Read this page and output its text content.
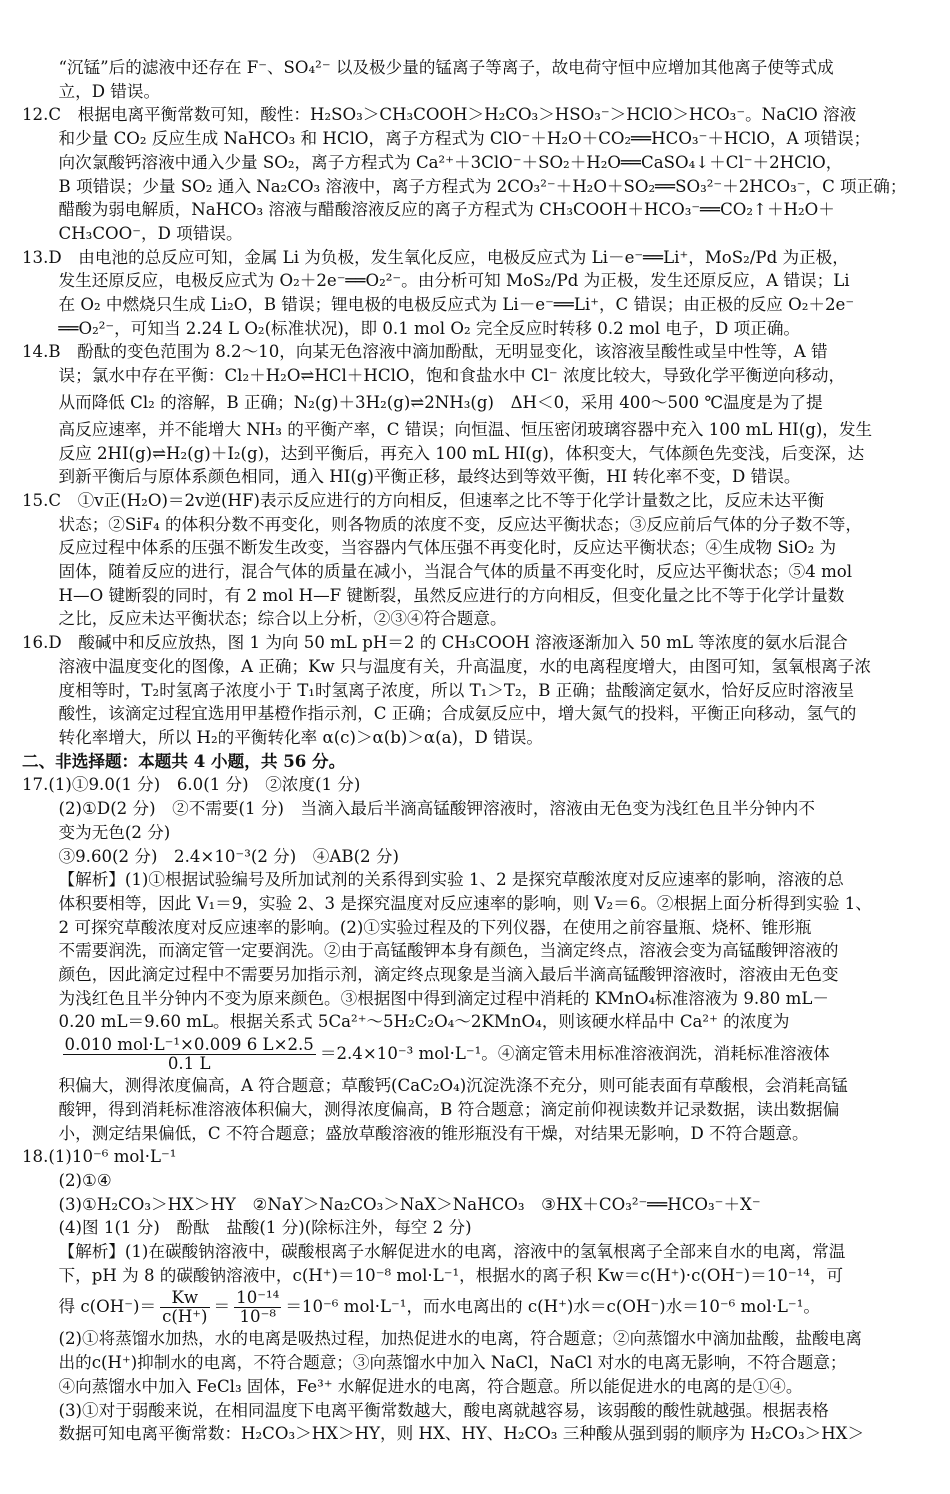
“沉锰”后的滤液中还存在 F⁻、SO₄²⁻ 以及极少量的锰离子等离子，故电荷守恒中应增加其他离子使等式成

立，D 错误。

12.C　根据电离平衡常数可知，酸性：H₂SO₃＞CH₃COOH＞H₂CO₃＞HSO₃⁻＞HClO＞HCO₃⁻。NaClO 溶液

和少量 CO₂ 反应生成 NaHCO₃ 和 HClO，离子方程式为 ClO⁻＋H₂O＋CO₂══HCO₃⁻＋HClO，A 项错误；

向次氯酸钙溶液中通入少量 SO₂，离子方程式为 Ca²⁺＋3ClO⁻＋SO₂＋H₂O══CaSO₄↓＋Cl⁻＋2HClO，

B 项错误；少量 SO₂ 通入 Na₂CO₃ 溶液中，离子方程式为 2CO₃²⁻＋H₂O＋SO₂══SO₃²⁻＋2HCO₃⁻，C 项正确；

醋酸为弱电解质，NaHCO₃ 溶液与醋酸溶液反应的离子方程式为 CH₃COOH＋HCO₃⁻══CO₂↑＋H₂O＋

CH₃COO⁻，D 项错误。

13.D　由电池的总反应可知，金属 Li 为负极，发生氧化反应，电极反应式为 Li－e⁻══Li⁺，MoS₂/Pd 为正极，

发生还原反应，电极反应式为 O₂＋2e⁻══O₂²⁻。由分析可知 MoS₂/Pd 为正极，发生还原反应，A 错误；Li

在 O₂ 中燃烧只生成 Li₂O，B 错误；锂电极的电极反应式为 Li－e⁻══Li⁺，C 错误；由正极的反应 O₂＋2e⁻

══O₂²⁻，可知当 2.24 L O₂(标准状况)，即 0.1 mol O₂ 完全反应时转移 0.2 mol 电子，D 项正确。

14.B　酚酞的变色范围为 8.2～10，向某无色溶液中滴加酚酞，无明显变化，该溶液呈酸性或呈中性等，A 错

误；氯水中存在平衡：Cl₂＋H₂O⇌HCl＋HClO，饱和食盐水中 Cl⁻ 浓度比较大，导致化学平衡逆向移动，

从而降低 Cl₂ 的溶解，B 正确；N₂(g)＋3H₂(g)⇌2NH₃(g)　ΔH＜0，采用 400～500 ℃温度是为了提

高反应速率，并不能增大 NH₃ 的平衡产率，C 错误；向恒温、恒压密闭玻璃容器中充入 100 mL HI(g)，发生

反应 2HI(g)⇌H₂(g)＋I₂(g)，达到平衡后，再充入 100 mL HI(g)，体积变大，气体颜色先变浅，后变深，达

到新平衡后与原体系颜色相同，通入 HI(g)平衡正移，最终达到等效平衡，HI 转化率不变，D 错误。

15.C　①v正(H₂O)＝2v逆(HF)表示反应进行的方向相反，但速率之比不等于化学计量数之比，反应未达平衡

状态；②SiF₄ 的体积分数不再变化，则各物质的浓度不变，反应达平衡状态；③反应前后气体的分子数不等，

反应过程中体系的压强不断发生改变，当容器内气体压强不再变化时，反应达平衡状态；④生成物 SiO₂ 为

固体，随着反应的进行，混合气体的质量在减小，当混合气体的质量不再变化时，反应达平衡状态；⑤4 mol

H—O 键断裂的同时，有 2 mol H—F 键断裂，虽然反应进行的方向相反，但变化量之比不等于化学计量数

之比，反应未达平衡状态；综合以上分析，②③④符合题意。

16.D　酸碱中和反应放热，图 1 为向 50 mL pH＝2 的 CH₃COOH 溶液逐渐加入 50 mL 等浓度的氨水后混合

溶液中温度变化的图像，A 正确；Kw 只与温度有关，升高温度，水的电离程度增大，由图可知，氢氧根离子浓

度相等时，T₂时氢离子浓度小于 T₁时氢离子浓度，所以 T₁＞T₂，B 正确；盐酸滴定氨水，恰好反应时溶液呈

酸性，该滴定过程宜选用甲基橙作指示剂，C 正确；合成氨反应中，增大氮气的投料，平衡正向移动，氢气的

转化率增大，所以 H₂的平衡转化率 α(c)＞α(b)＞α(a)，D 错误。

二、非选择题：本题共 4 小题，共 56 分。

17.(1)①9.0(1 分)　6.0(1 分)　②浓度(1 分)

(2)①D(2 分)　②不需要(1 分)　当滴入最后半滴高锰酸钾溶液时，溶液由无色变为浅红色且半分钟内不

变为无色(2 分)

③9.60(2 分)　2.4×10⁻³(2 分)　④AB(2 分)

【解析】(1)①根据试验编号及所加试剂的关系得到实验 1、2 是探究草酸浓度对反应速率的影响，溶液的总

体积要相等，因此 V₁＝9，实验 2、3 是探究温度对反应速率的影响，则 V₂＝6。②根据上面分析得到实验 1、

2 可探究草酸浓度对反应速率的影响。(2)①实验过程及的下列仪器，在使用之前容量瓶、烧杯、锥形瓶

不需要润洗，而滴定管一定要润洗。②由于高锰酸钾本身有颜色，当滴定终点，溶液会变为高锰酸钾溶液的

颜色，因此滴定过程中不需要另加指示剂，滴定终点现象是当滴入最后半滴高锰酸钾溶液时，溶液由无色变

为浅红色且半分钟内不变为原来颜色。③根据图中得到滴定过程中消耗的 KMnO₄标准溶液为 9.80 mL－

0.20 mL＝9.60 mL。根据关系式 5Ca²⁺～5H₂C₂O₄～2KMnO₄，则该硬水样品中 Ca²⁺ 的浓度为

$\frac{\text{0.010 mol·L⁻¹×0.009 6 L×2.5}}{0.1 L} =2.4\times 10^{-3}$ mol·L⁻¹。④滴定管未用标准溶液润洗，消耗标准溶液体

积偏大，测得浓度偏高，A 符合题意；草酸钙(CaC₂O₄)沉淀洗涤不充分，则可能表面有草酸根，会消耗高锰

酸钾，得到消耗标准溶液体积偏大，测得浓度偏高，B 符合题意；滴定前仰视读数并记录数据，读出数据偏

小，测定结果偏低，C 不符合题意；盛放草酸溶液的锥形瓶没有干燥，对结果无影响，D 不符合题意。

18.(1)10⁻⁶ mol·L⁻¹

(2)①④

(3)①H₂CO₃＞HX＞HY　②NaY＞Na₂CO₃＞NaX＞NaHCO₃　③HX＋CO₃²⁻══HCO₃⁻＋X⁻

(4)图 1(1 分)　酚酞　盐酸(1 分)(除标注外，每空 2 分)

【解析】(1)在碳酸钠溶液中，碳酸根离子水解促进水的电离，溶液中的氢氧根离子全部来自水的电离，常温

下，pH 为 8 的碳酸钠溶液中，c(H⁺)＝10⁻⁸ mol·L⁻¹，根据水的离子积 Kw＝c(H⁺)·c(OH⁻)＝10⁻¹⁴，可

得 $c(OH^-)= \frac{Kw}{c(H^+)} = \frac{\text{10⁻¹⁴}}{\text{10⁻⁸}} =10^{-6}$ mol·L⁻¹，而水电离出的 c(H⁺)水＝c(OH⁻)水＝10⁻⁶ mol·L⁻¹。

(2)①将蒸馏水加热，水的电离是吸热过程，加热促进水的电离，符合题意；②向蒸馏水中滴加盐酸，盐酸电离

出的c(H⁺)抑制水的电离，不符合题意；③向蒸馏水中加入 NaCl，NaCl 对水的电离无影响，不符合题意；

④向蒸馏水中加入 FeCl₃ 固体，Fe³⁺ 水解促进水的电离，符合题意。所以能促进水的电离的是①④。

(3)①对于弱酸来说，在相同温度下电离平衡常数越大，酸电离就越容易，该弱酸的酸性就越强。根据表格

数据可知电离平衡常数：H₂CO₃＞HX＞HY，则 HX、HY、H₂CO₃ 三种酸从强到弱的顺序为 H₂CO₃＞HX＞
